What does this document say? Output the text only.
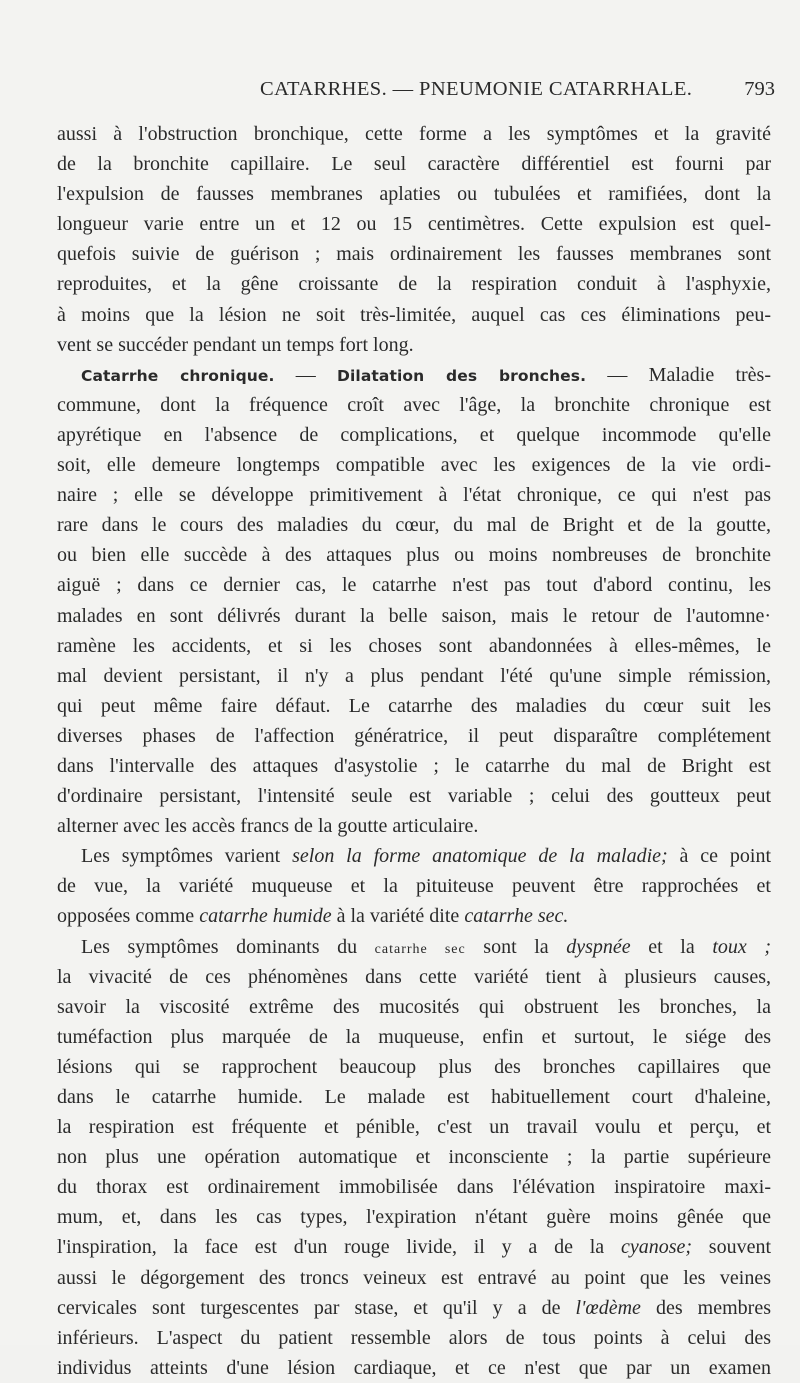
CATARRHES. — PNEUMONIE CATARRHALE.	793
aussi à l'obstruction bronchique, cette forme a les symptômes et la gravité
de la bronchite capillaire. Le seul caractère différentiel est fourni par
l'expulsion de fausses membranes aplaties ou tubulées et ramifiées, dont la
longueur varie entre un et 12 ou 15 centimètres. Cette expulsion est quel-
quefois suivie de guérison ; mais ordinairement les fausses membranes sont
reproduites, et la gêne croissante de la respiration conduit à l'asphyxie,
à moins que la lésion ne soit très-limitée, auquel cas ces éliminations peu-
vent se succéder pendant un temps fort long.
Catarrhe chronique. — Dilatation des bronches. — Maladie très-
commune, dont la fréquence croît avec l'âge, la bronchite chronique est
apyrétique en l'absence de complications, et quelque incommode qu'elle
soit, elle demeure longtemps compatible avec les exigences de la vie ordi-
naire ; elle se développe primitivement à l'état chronique, ce qui n'est pas
rare dans le cours des maladies du cœur, du mal de Bright et de la goutte,
ou bien elle succède à des attaques plus ou moins nombreuses de bronchite
aiguë ; dans ce dernier cas, le catarrhe n'est pas tout d'abord continu, les
malades en sont délivrés durant la belle saison, mais le retour de l'automne·
ramène les accidents, et si les choses sont abandonnées à elles-mêmes, le
mal devient persistant, il n'y a plus pendant l'été qu'une simple rémission,
qui peut même faire défaut. Le catarrhe des maladies du cœur suit les
diverses phases de l'affection génératrice, il peut disparaître complétement
dans l'intervalle des attaques d'asystolie ; le catarrhe du mal de Bright est
d'ordinaire persistant, l'intensité seule est variable ; celui des goutteux peut
alterner avec les accès francs de la goutte articulaire.
Les symptômes varient selon la forme anatomique de la maladie; à ce point
de vue, la variété muqueuse et la pituiteuse peuvent être rapprochées et
opposées comme catarrhe humide à la variété dite catarrhe sec.
Les symptômes dominants du catarrhe sec sont la dyspnée et la toux ;
la vivacité de ces phénomènes dans cette variété tient à plusieurs causes,
savoir la viscosité extrême des mucosités qui obstruent les bronches, la
tuméfaction plus marquée de la muqueuse, enfin et surtout, le siége des
lésions qui se rapprochent beaucoup plus des bronches capillaires que
dans le catarrhe humide. Le malade est habituellement court d'haleine,
la respiration est fréquente et pénible, c'est un travail voulu et perçu, et
non plus une opération automatique et inconsciente ; la partie supérieure
du thorax est ordinairement immobilisée dans l'élévation inspiratoire maxi-
mum, et, dans les cas types, l'expiration n'étant guère moins gênée que
l'inspiration, la face est d'un rouge livide, il y a de la cyanose; souvent
aussi le dégorgement des troncs veineux est entravé au point que les veines
cervicales sont turgescentes par stase, et qu'il y a de l'œdème des membres
inférieurs. L'aspect du patient ressemble alors de tous points à celui des
individus atteints d'une lésion cardiaque, et ce n'est que par un examen
